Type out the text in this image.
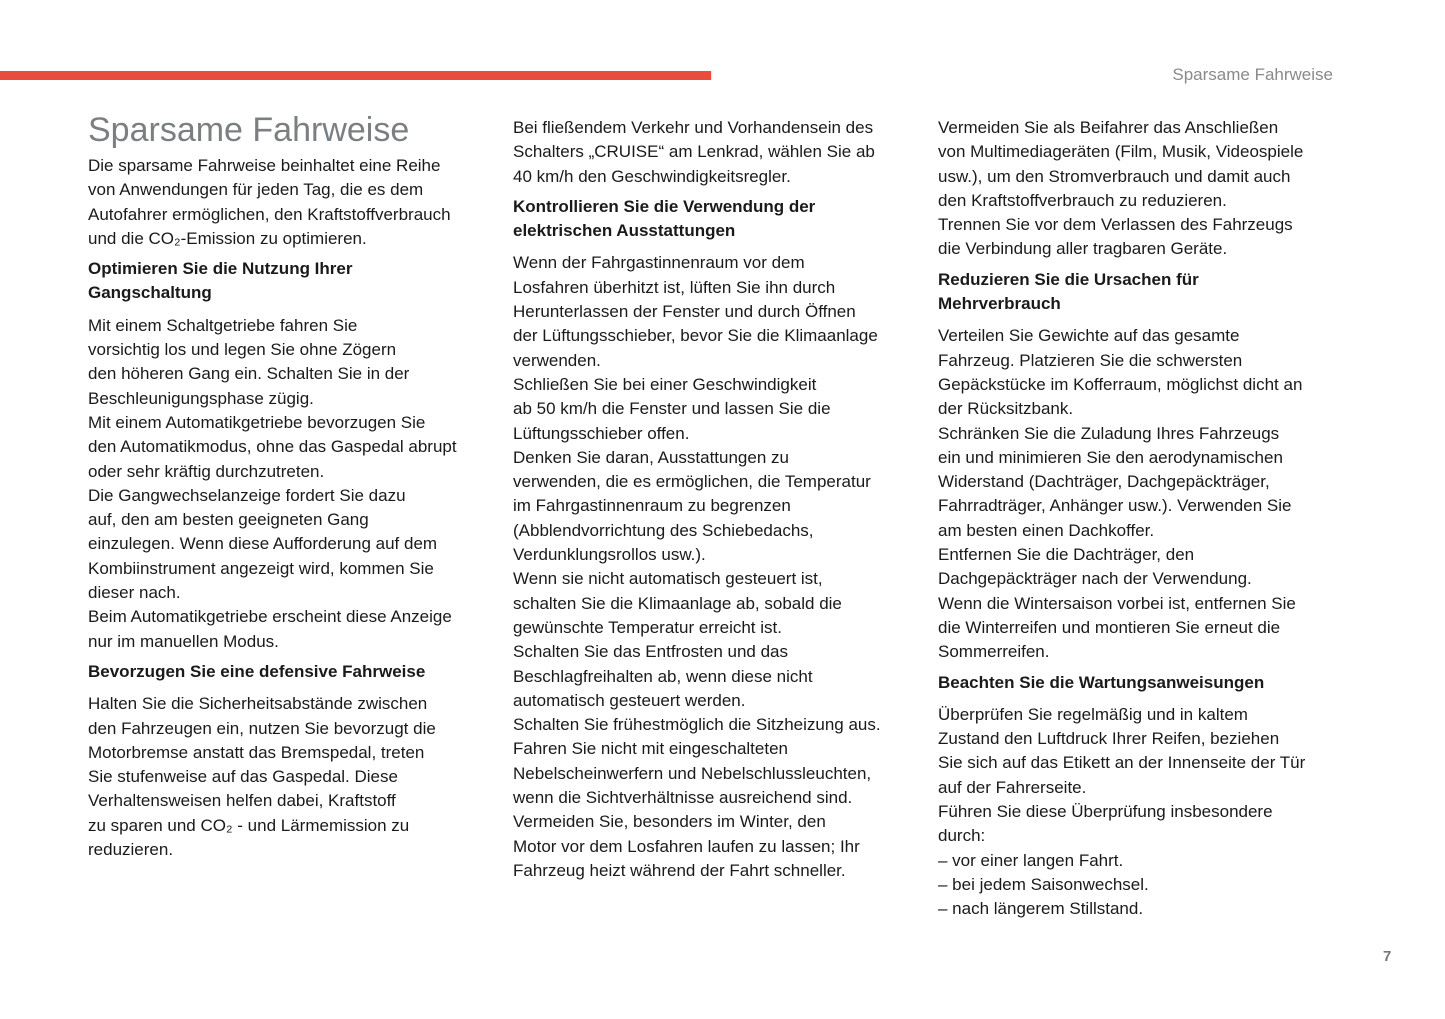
Sparsame Fahrweise
Sparsame Fahrweise
Die sparsame Fahrweise beinhaltet eine Reihe
von Anwendungen für jeden Tag, die es dem
Autofahrer ermöglichen, den Kraftstoffverbrauch
und die CO₂-Emission zu optimieren.
Optimieren Sie die Nutzung Ihrer
Gangschaltung
Mit einem Schaltgetriebe fahren Sie
vorsichtig los und legen Sie ohne Zögern
den höheren Gang ein. Schalten Sie in der
Beschleunigungsphase zügig.
Mit einem Automatikgetriebe bevorzugen Sie
den Automatikmodus, ohne das Gaspedal abrupt
oder sehr kräftig durchzutreten.
Die Gangwechselanzeige fordert Sie dazu
auf, den am besten geeigneten Gang
einzulegen. Wenn diese Aufforderung auf dem
Kombiinstrument angezeigt wird, kommen Sie
dieser nach.
Beim Automatikgetriebe erscheint diese Anzeige
nur im manuellen Modus.
Bevorzugen Sie eine defensive Fahrweise
Halten Sie die Sicherheitsabstände zwischen
den Fahrzeugen ein, nutzen Sie bevorzugt die
Motorbremse anstatt das Bremspedal, treten
Sie stufenweise auf das Gaspedal. Diese
Verhaltensweisen helfen dabei, Kraftstoff
zu sparen und CO₂ - und Lärmemission zu
reduzieren.
Bei fließendem Verkehr und Vorhandensein des
Schalters „CRUISE“ am Lenkrad, wählen Sie ab
40 km/h den Geschwindigkeitsregler.
Kontrollieren Sie die Verwendung der
elektrischen Ausstattungen
Wenn der Fahrgastinnenraum vor dem
Losfahren überhitzt ist, lüften Sie ihn durch
Herunterlassen der Fenster und durch Öffnen
der Lüftungsschieber, bevor Sie die Klimaanlage
verwenden.
Schließen Sie bei einer Geschwindigkeit
ab 50 km/h die Fenster und lassen Sie die
Lüftungsschieber offen.
Denken Sie daran, Ausstattungen zu
verwenden, die es ermöglichen, die Temperatur
im Fahrgastinnenraum zu begrenzen
(Abblendvorrichtung des Schiebedachs,
Verdunklungsrollos usw.).
Wenn sie nicht automatisch gesteuert ist,
schalten Sie die Klimaanlage ab, sobald die
gewünschte Temperatur erreicht ist.
Schalten Sie das Entfrosten und das
Beschlagfreihalten ab, wenn diese nicht
automatisch gesteuert werden.
Schalten Sie frühestmöglich die Sitzheizung aus.
Fahren Sie nicht mit eingeschalteten
Nebelscheinwerfern und Nebelschlussleuchten,
wenn die Sichtverhältnisse ausreichend sind.
Vermeiden Sie, besonders im Winter, den
Motor vor dem Losfahren laufen zu lassen; Ihr
Fahrzeug heizt während der Fahrt schneller.
Vermeiden Sie als Beifahrer das Anschließen
von Multimediageräten (Film, Musik, Videospiele
usw.), um den Stromverbrauch und damit auch
den Kraftstoffverbrauch zu reduzieren.
Trennen Sie vor dem Verlassen des Fahrzeugs
die Verbindung aller tragbaren Geräte.
Reduzieren Sie die Ursachen für
Mehrverbrauch
Verteilen Sie Gewichte auf das gesamte
Fahrzeug. Platzieren Sie die schwersten
Gepäckstücke im Kofferraum, möglichst dicht an
der Rücksitzbank.
Schränken Sie die Zuladung Ihres Fahrzeugs
ein und minimieren Sie den aerodynamischen
Widerstand (Dachträger, Dachgepäckträger,
Fahrradträger, Anhänger usw.). Verwenden Sie
am besten einen Dachkoffer.
Entfernen Sie die Dachträger, den
Dachgepäckträger nach der Verwendung.
Wenn die Wintersaison vorbei ist, entfernen Sie
die Winterreifen und montieren Sie erneut die
Sommerreifen.
Beachten Sie die Wartungsanweisungen
Überprüfen Sie regelmäßig und in kaltem
Zustand den Luftdruck Ihrer Reifen, beziehen
Sie sich auf das Etikett an der Innenseite der Tür
auf der Fahrerseite.
Führen Sie diese Überprüfung insbesondere
durch:
– vor einer langen Fahrt.
– bei jedem Saisonwechsel.
– nach längerem Stillstand.
7
